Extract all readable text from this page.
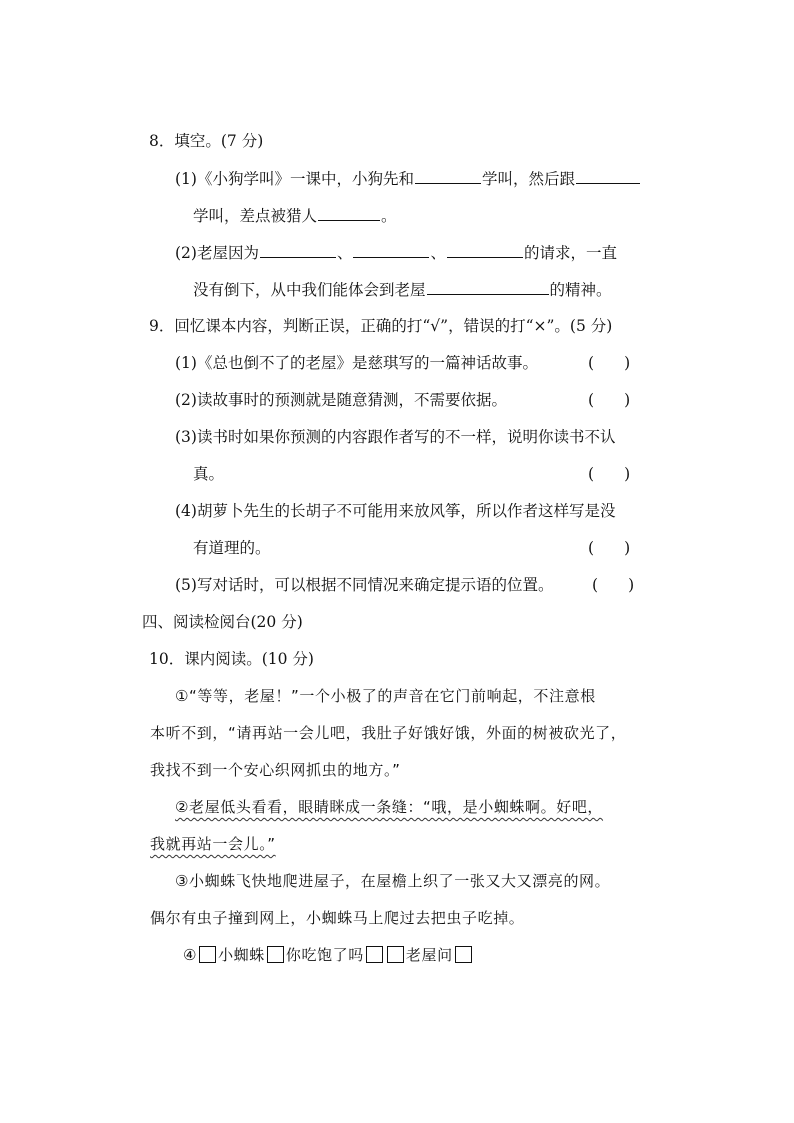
8．填空。(7 分)
(1)《小狗学叫》一课中，小狗先和	学叫，然后跟
学叫，差点被猎人	。
(2)老屋因为	、	、	的请求，一直
没有倒下，从中我们能体会到老屋	的精神。
9．回忆课本内容，判断正误，正确的打“√”，错误的打“×”。(5 分)
(1)《总也倒不了的老屋》是慈琪写的一篇神话故事。	( )
(2)读故事时的预测就是随意猜测，不需要依据。	( )
(3)读书时如果你预测的内容跟作者写的不一样，说明你读书不认
真。	( )
(4)胡萝卜先生的长胡子不可能用来放风筝，所以作者这样写是没
有道理的。	( )
(5)写对话时，可以根据不同情况来确定提示语的位置。 ( )
四、阅读检阅台(20 分)
10．课内阅读。(10 分)
①“等等，老屋！”一个小极了的声音在它门前响起，不注意根
本听不到，“请再站一会儿吧，我肚子好饿好饿，外面的树被砍光了，
我找不到一个安心织网抓虫的地方。”
②老屋低头看看，眼睛眯成一条缝：“哦，是小蜘蛛啊。好吧，
我就再站一会儿。”
③小蜘蛛飞快地爬进屋子，在屋檐上织了一张又大又漂亮的网。
偶尔有虫子撞到网上，小蜘蛛马上爬过去把虫子吃掉。
④ 小蜘蛛 你吃饱了吗	老屋问
